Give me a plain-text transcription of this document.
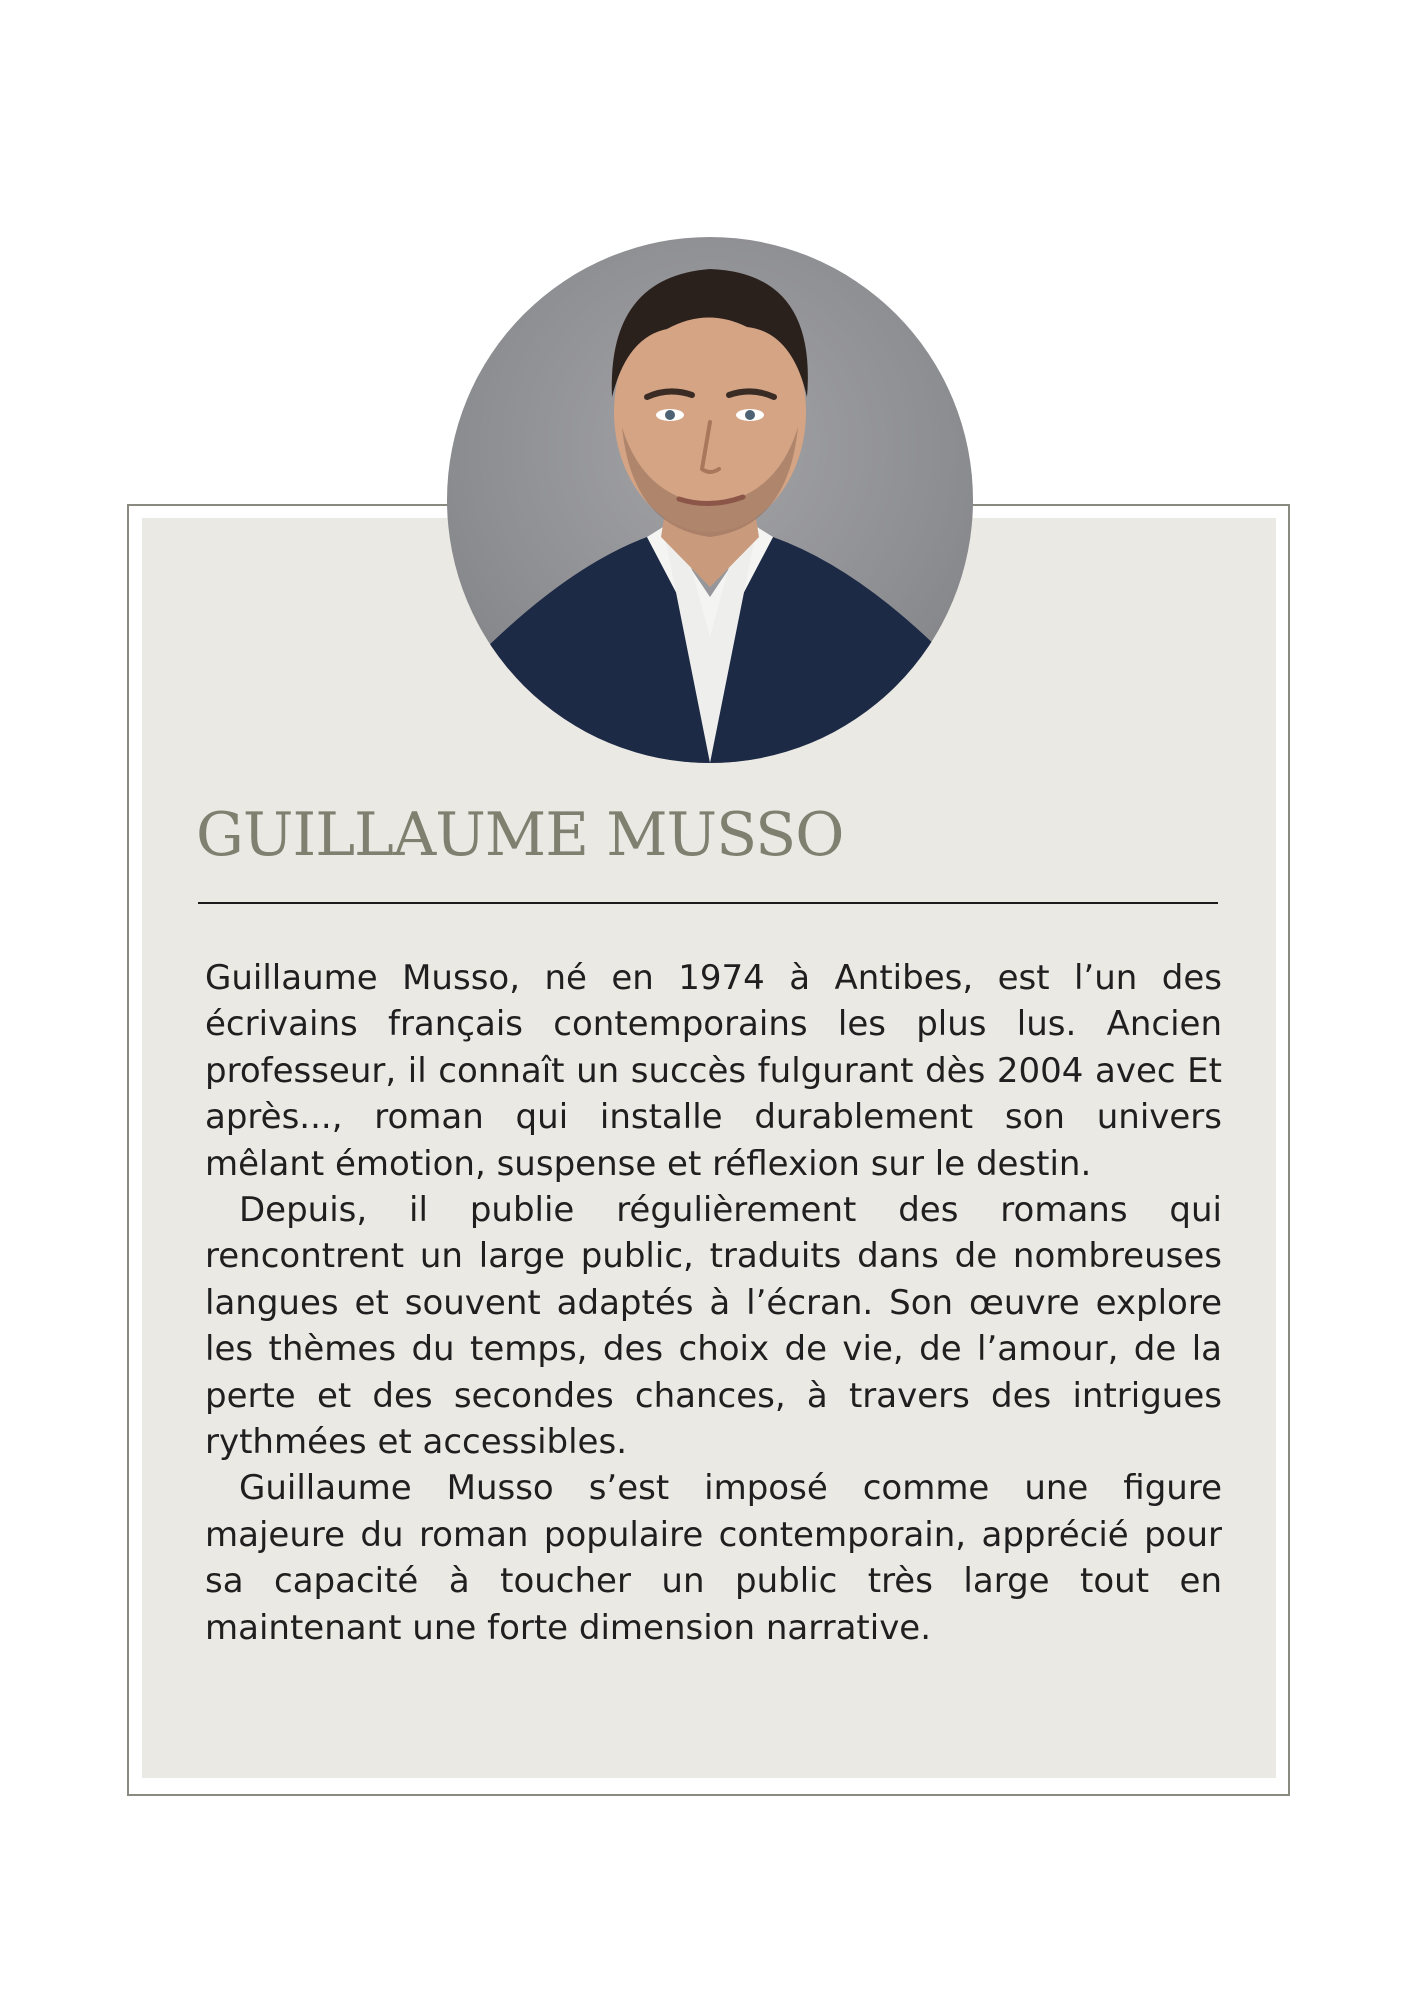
GUILLAUME MUSSO

Guillaume Musso, né en 1974 à Antibes, est l’un des écrivains français contemporains les plus lus. Ancien professeur, il connaît un succès fulgurant dès 2004 avec Et après..., roman qui installe durablement son univers mêlant émotion, suspense et réflexion sur le destin.

Depuis, il publie régulièrement des romans qui rencontrent un large public, traduits dans de nombreuses langues et souvent adaptés à l’écran. Son œuvre explore les thèmes du temps, des choix de vie, de l’amour, de la perte et des secondes chances, à travers des intrigues rythmées et accessibles.

Guillaume Musso s’est imposé comme une figure majeure du roman populaire contemporain, apprécié pour sa capacité à toucher un public très large tout en maintenant une forte dimension narrative.
